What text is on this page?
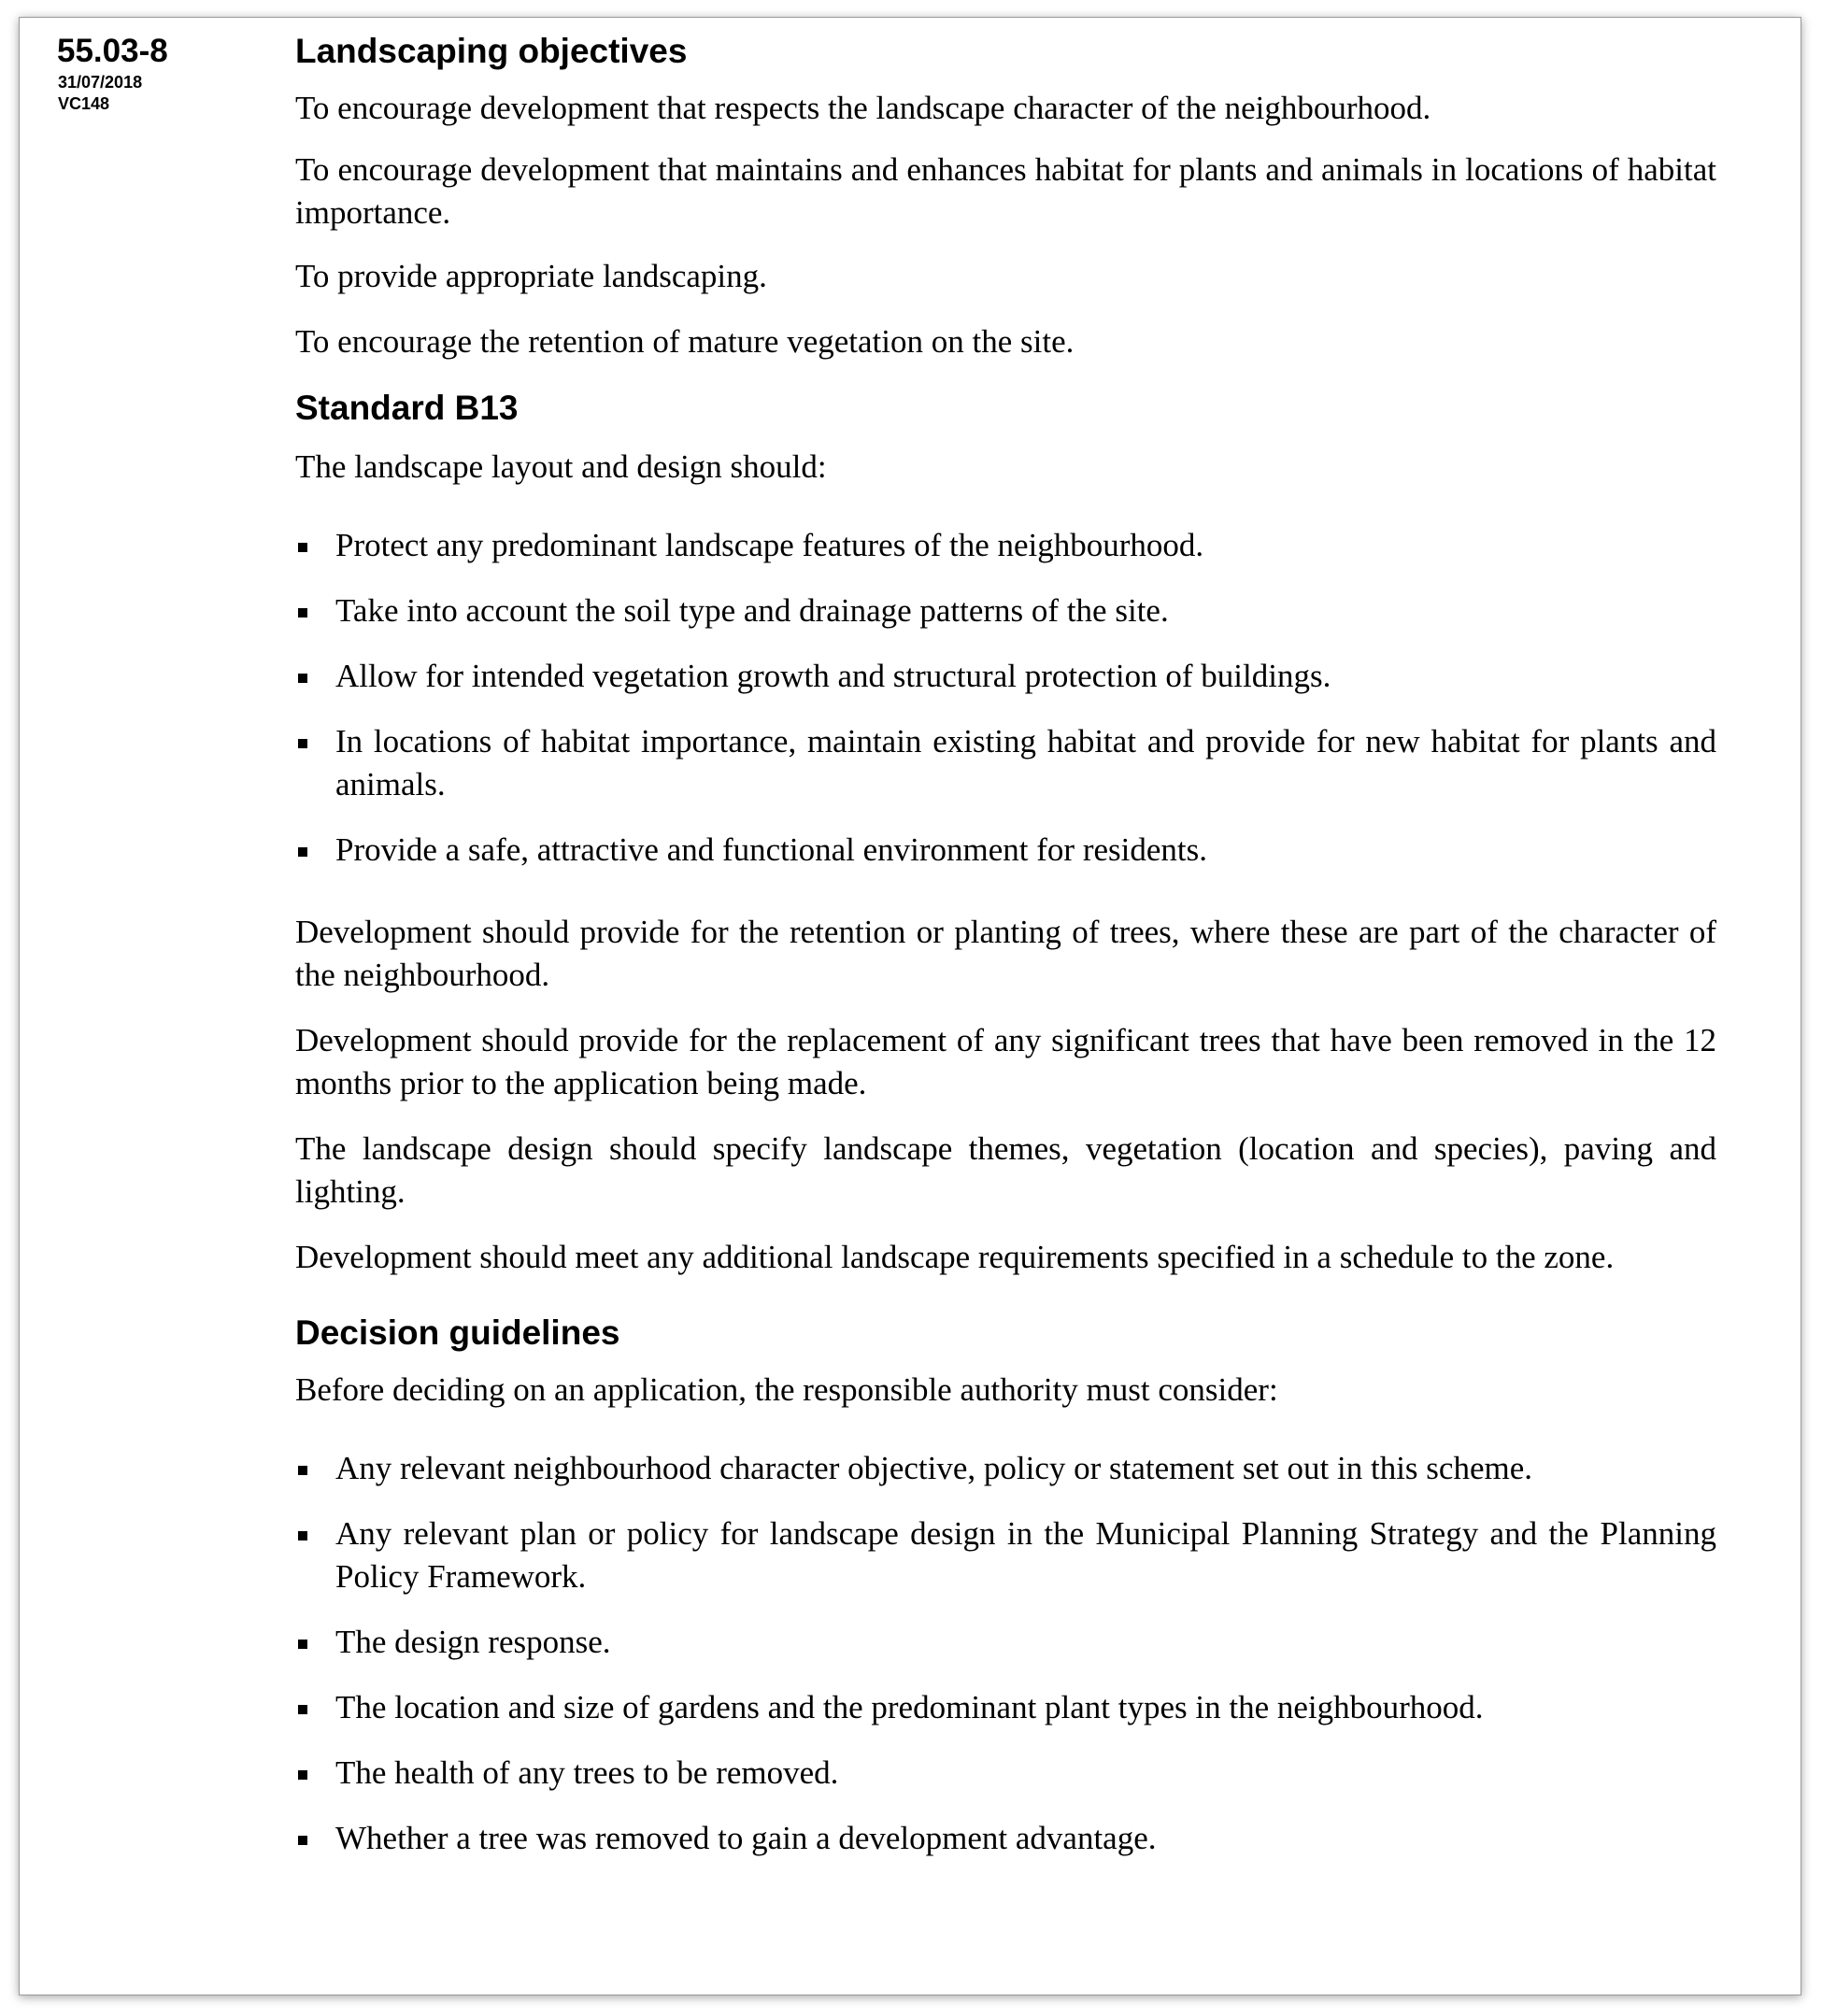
55.03-8
31/07/2018
VC148
Landscaping objectives

To encourage development that respects the landscape character of the neighbourhood.

To encourage development that maintains and enhances habitat for plants and animals in locations of habitat importance.

To provide appropriate landscaping.

To encourage the retention of mature vegetation on the site.

Standard B13

The landscape layout and design should:

Protect any predominant landscape features of the neighbourhood.
Take into account the soil type and drainage patterns of the site.
Allow for intended vegetation growth and structural protection of buildings.
In locations of habitat importance, maintain existing habitat and provide for new habitat for plants and animals.
Provide a safe, attractive and functional environment for residents.

Development should provide for the retention or planting of trees, where these are part of the character of the neighbourhood.

Development should provide for the replacement of any significant trees that have been removed in the 12 months prior to the application being made.

The landscape design should specify landscape themes, vegetation (location and species), paving and lighting.

Development should meet any additional landscape requirements specified in a schedule to the zone.

Decision guidelines

Before deciding on an application, the responsible authority must consider:

Any relevant neighbourhood character objective, policy or statement set out in this scheme.
Any relevant plan or policy for landscape design in the Municipal Planning Strategy and the Planning Policy Framework.
The design response.
The location and size of gardens and the predominant plant types in the neighbourhood.
The health of any trees to be removed.
Whether a tree was removed to gain a development advantage.
